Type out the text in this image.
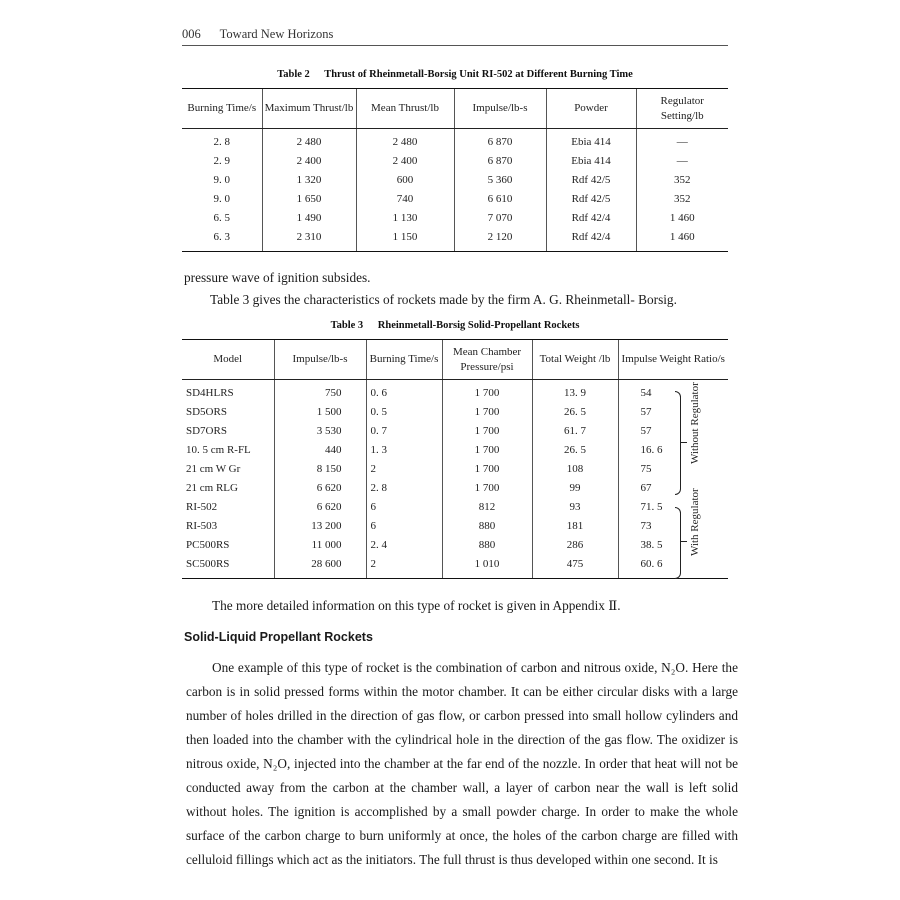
006 Toward New Horizons
Table 2 Thrust of Rheinmetall-Borsig Unit RI-502 at Different Burning Time
Burning Time/s	Maximum Thrust/lb	Mean Thrust/lb	Impulse/lb-s	Powder	Regulator Setting/lb
2. 8	2 480	2 480	6 870	Ebia 414	—
2. 9	2 400	2 400	6 870	Ebia 414	—
9. 0	1 320	600	5 360	Rdf 42/5	352
9. 0	1 650	740	6 610	Rdf 42/5	352
6. 5	1 490	1 130	7 070	Rdf 42/4	1 460
6. 3	2 310	1 150	2 120	Rdf 42/4	1 460
pressure wave of ignition subsides.
Table 3 gives the characteristics of rockets made by the firm A. G. Rheinmetall- Borsig.
Table 3 Rheinmetall-Borsig Solid-Propellant Rockets
Model	Impulse/lb-s	Burning Time/s	Mean Chamber Pressure/psi	Total Weight /lb	Impulse Weight Ratio/s
SD4HLRS	750	0. 6	1 700	13. 9	54
SD5ORS	1 500	0. 5	1 700	26. 5	57
SD7ORS	3 530	0. 7	1 700	61. 7	57
10. 5 cm R-FL	440	1. 3	1 700	26. 5	16. 6
21 cm W Gr	8 150	2	1 700	108	75
21 cm RLG	6 620	2. 8	1 700	99	67
RI-502	6 620	6	812	93	71. 5
RI-503	13 200	6	880	181	73
PC500RS	11 000	2. 4	880	286	38. 5
SC500RS	28 600	2	1 010	475	60. 6
Without Regulator
With Regulator
The more detailed information on this type of rocket is given in Appendix Ⅱ.
Solid-Liquid Propellant Rockets
One example of this type of rocket is the combination of carbon and nitrous oxide, N₂O. Here the carbon is in solid pressed forms within the motor chamber. It can be either circular disks with a large number of holes drilled in the direction of gas flow, or carbon pressed into small hollow cylinders and then loaded into the chamber with the cylindrical hole in the direction of the gas flow. The oxidizer is nitrous oxide, N₂O, injected into the chamber at the far end of the nozzle. In order that heat will not be conducted away from the carbon at the chamber wall, a layer of carbon near the wall is left solid without holes. The ignition is accomplished by a small powder charge. In order to make the whole surface of the carbon charge to burn uniformly at once, the holes of the carbon charge are filled with celluloid fillings which act as the initiators. The full thrust is thus developed within one second. It is
